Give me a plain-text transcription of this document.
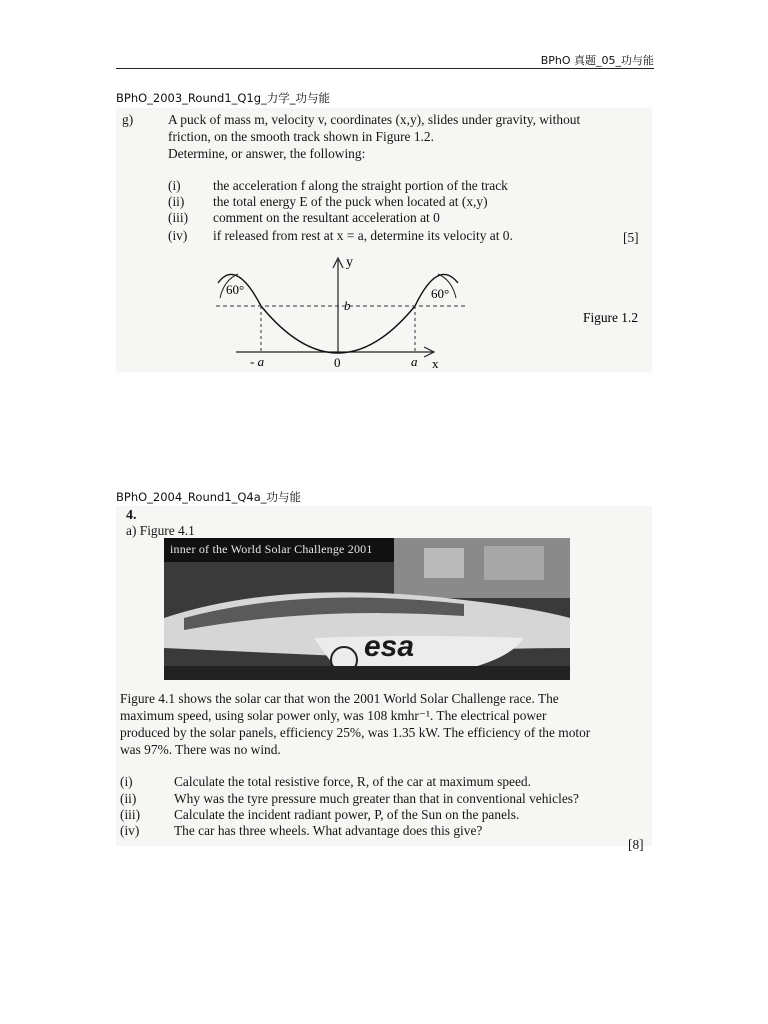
BPhO 真题_05_功与能
BPhO_2003_Round1_Q1g_力学_功与能
g)	A puck of mass m, velocity v, coordinates (x,y), slides under gravity, without
friction, on the smooth track shown in Figure 1.2.
Determine, or answer, the following:
(i) the acceleration f along the straight portion of the track
(ii) the total energy E of the puck when located at (x,y)
(iii) comment on the resultant acceleration at 0
(iv) if released from rest at x = a, determine its velocity at 0.	[5]
60°	60°
y
b
- a	0	a x
Figure 1.2
BPhO_2004_Round1_Q4a_功与能
4.
a) Figure 4.1
inner of the World Solar Challenge 2001
esa
Figure 4.1 shows the solar car that won the 2001 World Solar Challenge race. The
maximum speed, using solar power only, was 108 kmhr⁻¹. The electrical power
produced by the solar panels, efficiency 25%, was 1.35 kW. The efficiency of the motor
was 97%. There was no wind.
(i)	Calculate the total resistive force, R, of the car at maximum speed.
(ii)	Why was the tyre pressure much greater than that in conventional vehicles?
(iii)	Calculate the incident radiant power, P, of the Sun on the panels.
(iv)	The car has three wheels. What advantage does this give?
[8]
